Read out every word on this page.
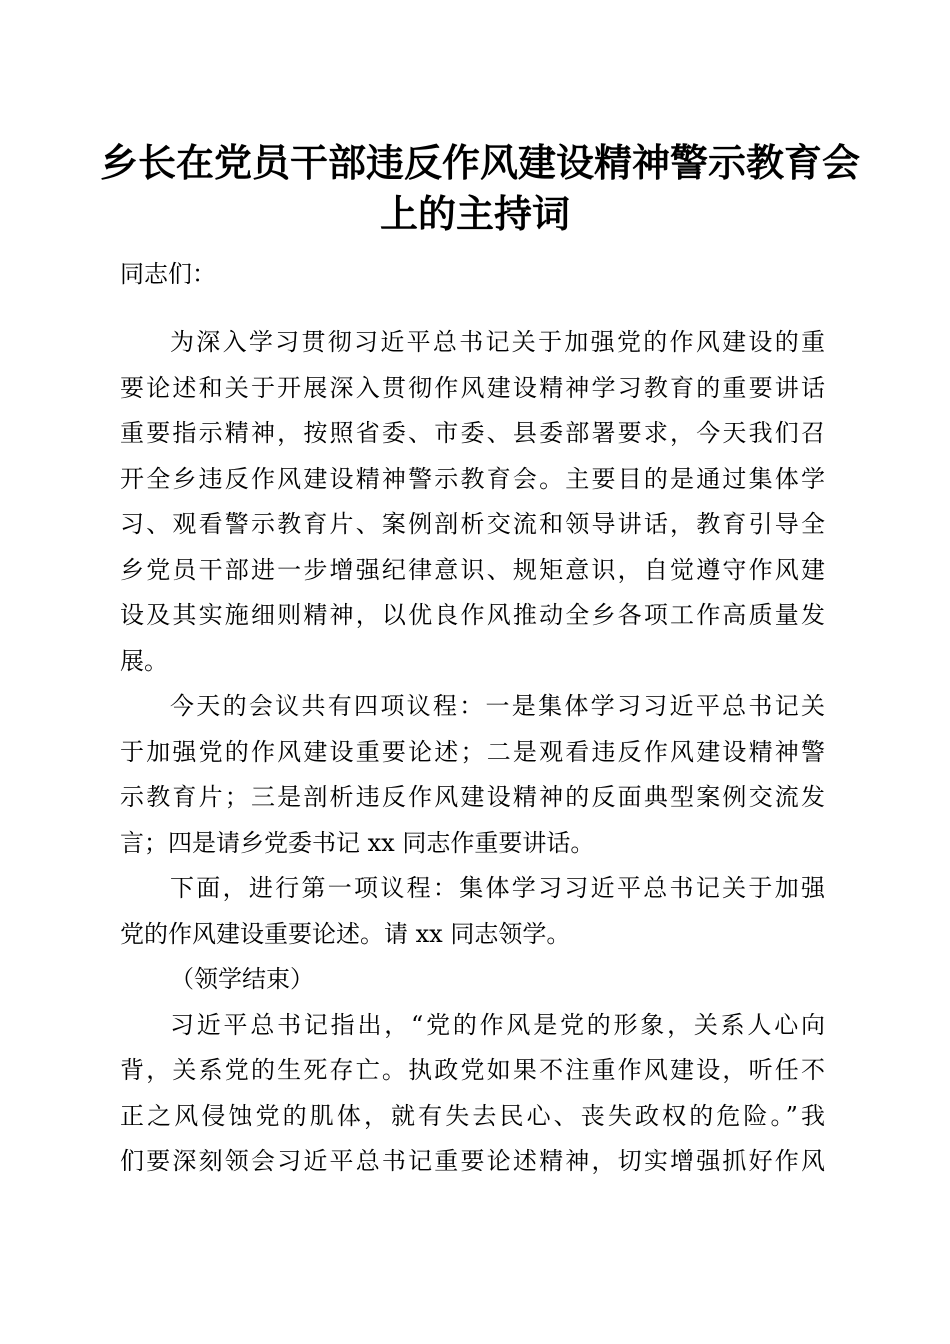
乡长在党员干部违反作风建设精神警示教育会
上的主持词

同志们：

为深入学习贯彻习近平总书记关于加强党的作风建设的重
要论述和关于开展深入贯彻作风建设精神学习教育的重要讲话
重要指示精神，按照省委、市委、县委部署要求，今天我们召
开全乡违反作风建设精神警示教育会。主要目的是通过集体学
习、观看警示教育片、案例剖析交流和领导讲话，教育引导全
乡党员干部进一步增强纪律意识、规矩意识，自觉遵守作风建
设及其实施细则精神，以优良作风推动全乡各项工作高质量发
展。
今天的会议共有四项议程：一是集体学习习近平总书记关
于加强党的作风建设重要论述；二是观看违反作风建设精神警
示教育片；三是剖析违反作风建设精神的反面典型案例交流发
言；四是请乡党委书记 xx 同志作重要讲话。
下面，进行第一项议程：集体学习习近平总书记关于加强
党的作风建设重要论述。请 xx 同志领学。
（领学结束）
习近平总书记指出，“党的作风是党的形象，关系人心向
背，关系党的生死存亡。执政党如果不注重作风建设，听任不
正之风侵蚀党的肌体，就有失去民心、丧失政权的危险。”我
们要深刻领会习近平总书记重要论述精神，切实增强抓好作风
